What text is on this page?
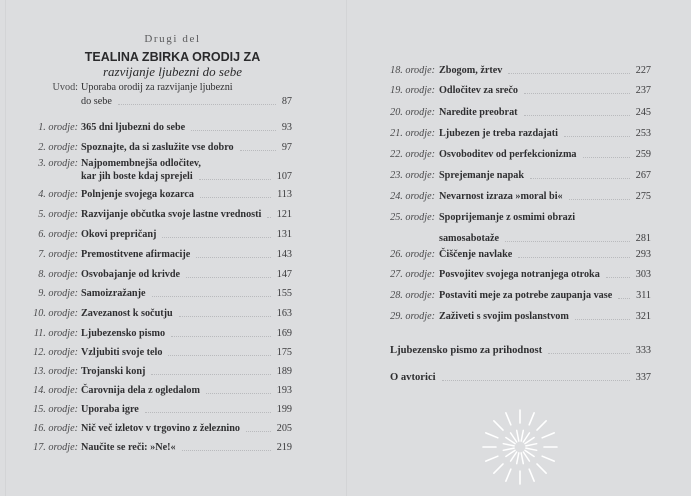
Drugi del
TEALINA ZBIRKA ORODIJ ZA
razvijanje ljubezni do sebe
Uvod: Uporaba orodij za razvijanje ljubezni
do sebe	87
1. orodje: 365 dni ljubezni do sebe	93
2. orodje: Spoznajte, da si zaslužite vse dobro	97
3. orodje: Najpomembnejša odločitev,
kar jih boste kdaj sprejeli	107
4. orodje: Polnjenje svojega kozarca	113
5. orodje: Razvijanje občutka svoje lastne vrednosti 121
6. orodje: Okovi prepričanj	131
7. orodje: Premostitvene afirmacije	143
8. orodje: Osvobajanje od krivde	147
9. orodje: Samoizražanje	155
10. orodje: Zavezanost k sočutju	163
11. orodje: Ljubezensko pismo	169
12. orodje: Vzljubiti svoje telo	175
13. orodje: Trojanski konj	189
14. orodje: Čarovnija dela z ogledalom	193
15. orodje: Uporaba igre	199
16. orodje: Nič več izletov v trgovino z železnino	205
17. orodje: Naučite se reči: »Ne!«	219
18. orodje: Zbogom, žrtev	227
19. orodje: Odločitev za srečo	237
20. orodje: Naredite preobrat	245
21. orodje: Ljubezen je treba razdajati	253
22. orodje: Osvoboditev od perfekcionizma	259
23. orodje: Sprejemanje napak	267
24. orodje: Nevarnost izraza »moral bi«	275
25. orodje: Spoprijemanje z osmimi obrazi
samosabotaže	281
26. orodje: Čiščenje navlake	293
27. orodje: Posvojitev svojega notranjega otroka	303
28. orodje: Postaviti meje za potrebe zaupanja vase 311
29. orodje: Zaživeti s svojim poslanstvom	321
Ljubezensko pismo za prihodnost	333
O avtorici	337
